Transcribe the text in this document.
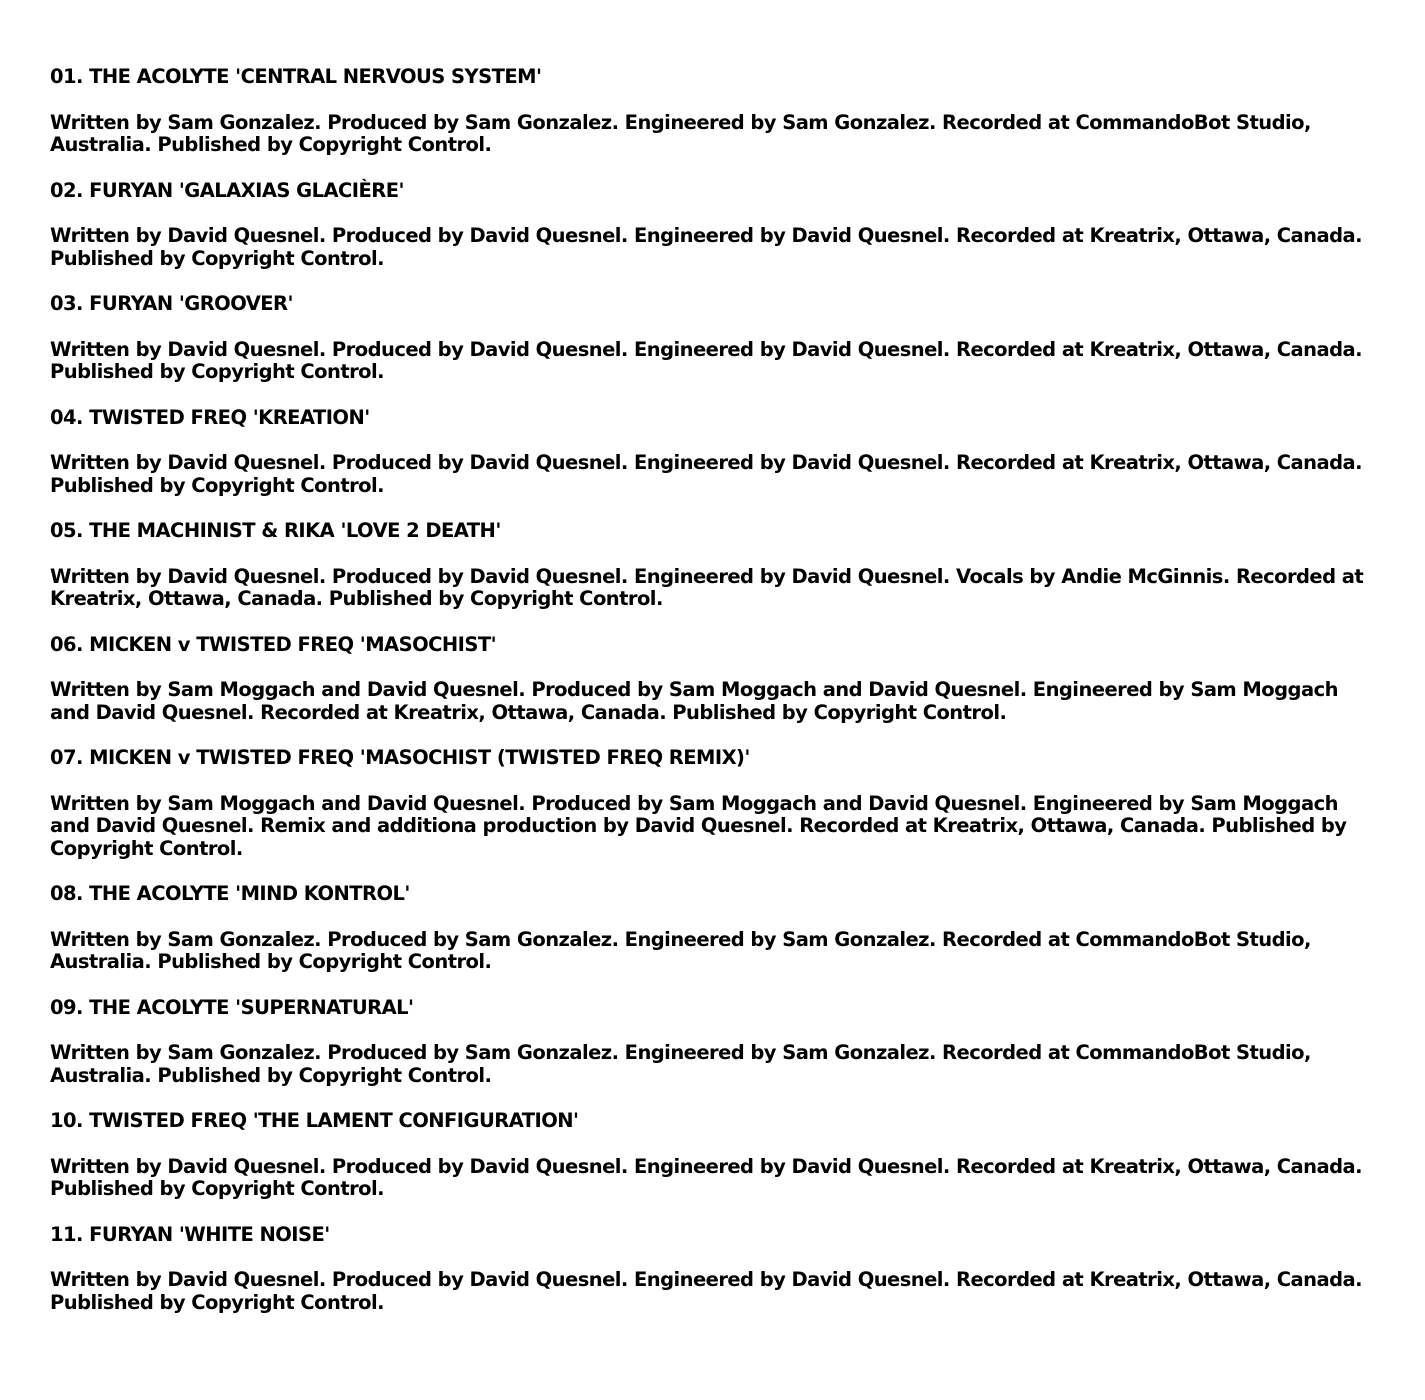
01. THE ACOLYTE 'CENTRAL NERVOUS SYSTEM'

Written by Sam Gonzalez. Produced by Sam Gonzalez. Engineered by Sam Gonzalez. Recorded at CommandoBot Studio, Australia. Published by Copyright Control.

02. FURYAN 'GALAXIAS GLACIÈRE'

Written by David Quesnel. Produced by David Quesnel. Engineered by David Quesnel. Recorded at Kreatrix, Ottawa, Canada. Published by Copyright Control.

03. FURYAN 'GROOVER'

Written by David Quesnel. Produced by David Quesnel. Engineered by David Quesnel. Recorded at Kreatrix, Ottawa, Canada. Published by Copyright Control.

04. TWISTED FREQ 'KREATION'

Written by David Quesnel. Produced by David Quesnel. Engineered by David Quesnel. Recorded at Kreatrix, Ottawa, Canada. Published by Copyright Control.

05. THE MACHINIST & RIKA 'LOVE 2 DEATH'

Written by David Quesnel. Produced by David Quesnel. Engineered by David Quesnel. Vocals by Andie McGinnis. Recorded at Kreatrix, Ottawa, Canada. Published by Copyright Control.

06. MICKEN v TWISTED FREQ 'MASOCHIST'

Written by Sam Moggach and David Quesnel. Produced by Sam Moggach and David Quesnel. Engineered by Sam Moggach and David Quesnel. Recorded at Kreatrix, Ottawa, Canada. Published by Copyright Control.

07. MICKEN v TWISTED FREQ 'MASOCHIST (TWISTED FREQ REMIX)'

Written by Sam Moggach and David Quesnel. Produced by Sam Moggach and David Quesnel. Engineered by Sam Moggach and David Quesnel. Remix and additiona production by David Quesnel. Recorded at Kreatrix, Ottawa, Canada. Published by Copyright Control.

08. THE ACOLYTE 'MIND KONTROL'

Written by Sam Gonzalez. Produced by Sam Gonzalez. Engineered by Sam Gonzalez. Recorded at CommandoBot Studio, Australia. Published by Copyright Control.

09. THE ACOLYTE 'SUPERNATURAL'

Written by Sam Gonzalez. Produced by Sam Gonzalez. Engineered by Sam Gonzalez. Recorded at CommandoBot Studio, Australia. Published by Copyright Control.

10. TWISTED FREQ 'THE LAMENT CONFIGURATION'

Written by David Quesnel. Produced by David Quesnel. Engineered by David Quesnel. Recorded at Kreatrix, Ottawa, Canada. Published by Copyright Control.

11. FURYAN 'WHITE NOISE'

Written by David Quesnel. Produced by David Quesnel. Engineered by David Quesnel. Recorded at Kreatrix, Ottawa, Canada. Published by Copyright Control.
